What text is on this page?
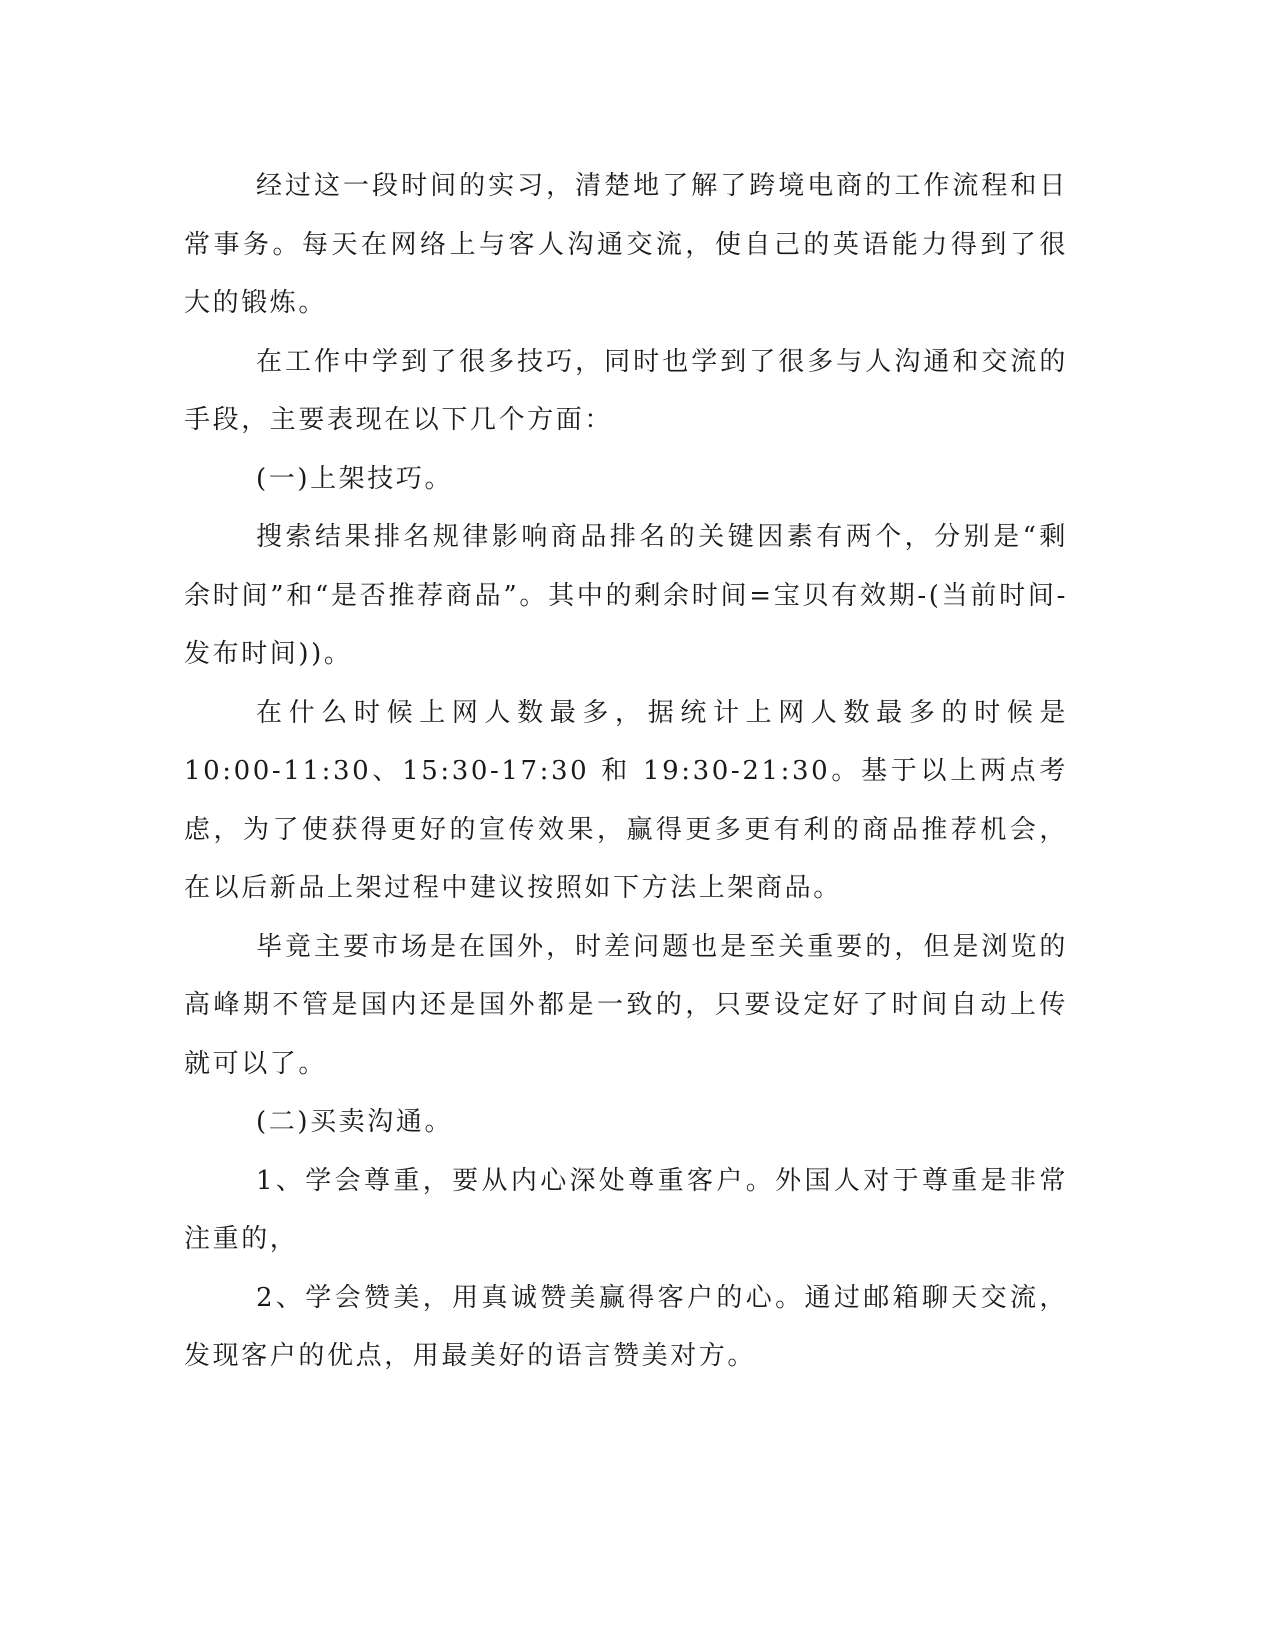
经过这一段时间的实习，清楚地了解了跨境电商的工作流程和日常事务。每天在网络上与客人沟通交流，使自己的英语能力得到了很大的锻炼。

在工作中学到了很多技巧，同时也学到了很多与人沟通和交流的手段，主要表现在以下几个方面：

(一)上架技巧。

搜索结果排名规律影响商品排名的关键因素有两个，分别是“剩余时间”和“是否推荐商品”。其中的剩余时间=宝贝有效期-(当前时间-发布时间))。

在什么时候上网人数最多，据统计上网人数最多的时候是 10:00-11:30、15:30-17:30 和 19:30-21:30。基于以上两点考虑，为了使获得更好的宣传效果，赢得更多更有利的商品推荐机会，在以后新品上架过程中建议按照如下方法上架商品。

毕竟主要市场是在国外，时差问题也是至关重要的，但是浏览的高峰期不管是国内还是国外都是一致的，只要设定好了时间自动上传就可以了。

(二)买卖沟通。

1、学会尊重，要从内心深处尊重客户。外国人对于尊重是非常注重的，

2、学会赞美，用真诚赞美赢得客户的心。通过邮箱聊天交流，发现客户的优点，用最美好的语言赞美对方。
